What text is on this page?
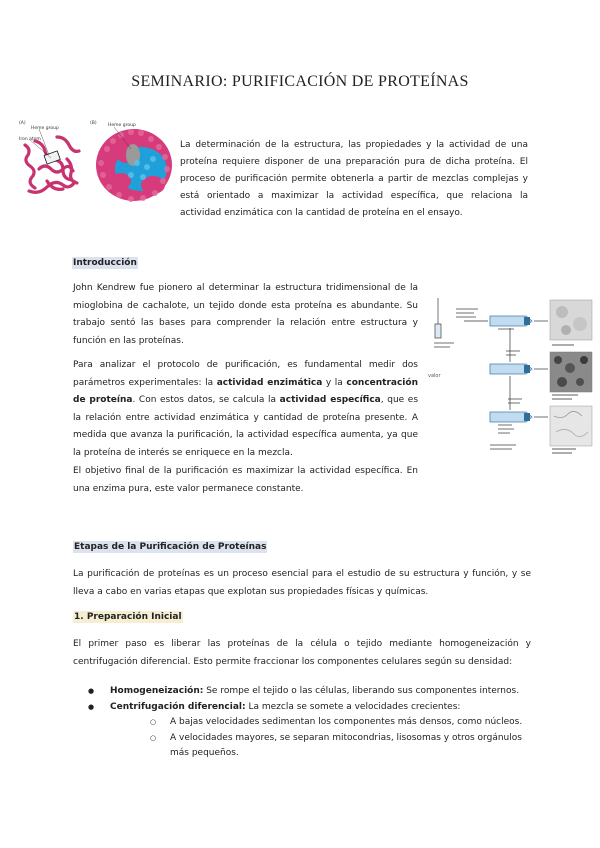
SEMINARIO: PURIFICACIÓN DE PROTEÍNAS
(A)
Heme group
Iron atom
(B)	Heme group
La determinación de la estructura, las propiedades y la actividad de una proteína requiere disponer de una preparación pura de dicha proteína. El proceso de purificación permite obtenerla a partir de mezclas complejas y está orientado a maximizar la actividad específica, que relaciona la actividad enzimática con la cantidad de proteína en el ensayo.
Introducción
John Kendrew fue pionero al determinar la estructura tridimensional de la mioglobina de cachalote, un tejido donde esta proteína es abundante. Su trabajo sentó las bases para comprender la relación entre estructura y función en las proteínas.
Para analizar el protocolo de purificación, es fundamental medir dos parámetros experimentales: la actividad enzimática y la concentración de proteína. Con estos datos, se calcula la actividad específica, que es la relación entre actividad enzimática y cantidad de proteína presente. A medida que avanza la purificación, la actividad específica aumenta, ya que la proteína de interés se enriquece en la mezcla.
El objetivo final de la purificación es maximizar la actividad específica. En una enzima pura, este valor permanece constante.
valor
Etapas de la Purificación de Proteínas
La purificación de proteínas es un proceso esencial para el estudio de su estructura y función, y se lleva a cabo en varias etapas que explotan sus propiedades físicas y químicas.
1. Preparación Inicial
El primer paso es liberar las proteínas de la célula o tejido mediante homogeneización y centrifugación diferencial. Esto permite fraccionar los componentes celulares según su densidad:
● Homogeneización: Se rompe el tejido o las células, liberando sus componentes internos.
● Centrifugación diferencial: La mezcla se somete a velocidades crecientes:
○ A bajas velocidades sedimentan los componentes más densos, como núcleos.
○ A velocidades mayores, se separan mitocondrias, lisosomas y otros orgánulos más pequeños.
